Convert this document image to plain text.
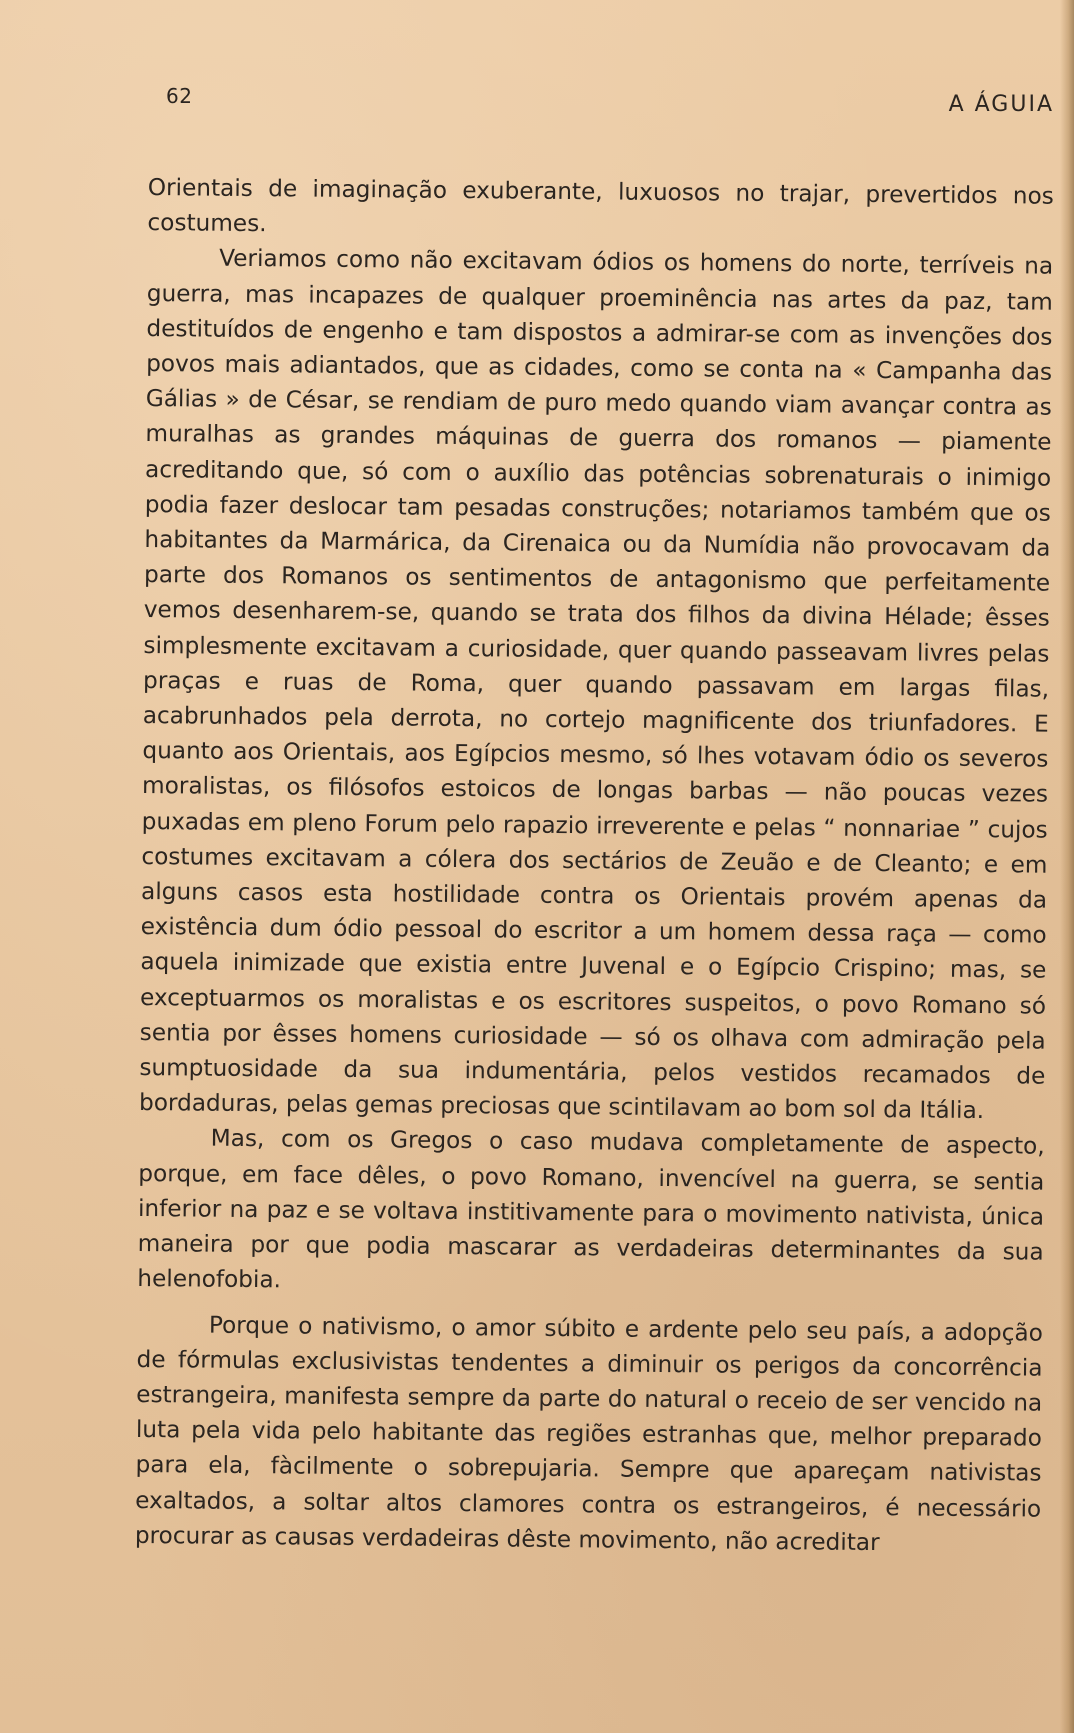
62	A ÁGUIA

Orientais de imaginação exuberante, luxuosos no trajar, prevertidos nos costumes.

Veriamos como não excitavam ódios os homens do norte, terríveis na guerra, mas incapazes de qualquer proeminência nas artes da paz, tam destituídos de engenho e tam dispostos a admirar-se com as invenções dos povos mais adiantados, que as cidades, como se conta na « Campanha das Gálias » de César, se rendiam de puro medo quando viam avançar contra as muralhas as grandes máquinas de guerra dos romanos — piamente acreditando que, só com o auxílio das potências sobrenaturais o inimigo podia fazer deslocar tam pesadas construções; notariamos também que os habitantes da Marmárica, da Cirenaica ou da Numídia não provocavam da parte dos Romanos os sentimentos de antagonismo que perfeitamente vemos desenharem-se, quando se trata dos filhos da divina Hélade; êsses simplesmente excitavam a curiosidade, quer quando passeavam livres pelas praças e ruas de Roma, quer quando passavam em largas filas, acabrunhados pela derrota, no cortejo magnificente dos triunfadores. E quanto aos Orientais, aos Egípcios mesmo, só lhes votavam ódio os severos moralistas, os filósofos estoicos de longas barbas — não poucas vezes puxadas em pleno Forum pelo rapazio irreverente e pelas “ nonnariae ” cujos costumes excitavam a cólera dos sectários de Zeuão e de Cleanto; e em alguns casos esta hostilidade contra os Orientais provém apenas da existência dum ódio pessoal do escritor a um homem dessa raça — como aquela inimizade que existia entre Juvenal e o Egípcio Crispino; mas, se exceptuarmos os moralistas e os escritores suspeitos, o povo Romano só sentia por êsses homens curiosidade — só os olhava com admiração pela sumptuosidade da sua indumentária, pelos vestidos recamados de bordaduras, pelas gemas preciosas que scintilavam ao bom sol da Itália.

Mas, com os Gregos o caso mudava completamente de aspecto, porque, em face dêles, o povo Romano, invencível na guerra, se sentia inferior na paz e se voltava institivamente para o movimento nativista, única maneira por que podia mascarar as verdadeiras determinantes da sua helenofobia.

Porque o nativismo, o amor súbito e ardente pelo seu país, a adopção de fórmulas exclusivistas tendentes a diminuir os perigos da concorrência estrangeira, manifesta sempre da parte do natural o receio de ser vencido na luta pela vida pelo habitante das regiões estranhas que, melhor preparado para ela, fàcilmente o sobrepujaria. Sempre que apareçam nativistas exaltados, a soltar altos clamores contra os estrangeiros, é necessário procurar as causas verdadeiras dêste movimento, não acreditar
